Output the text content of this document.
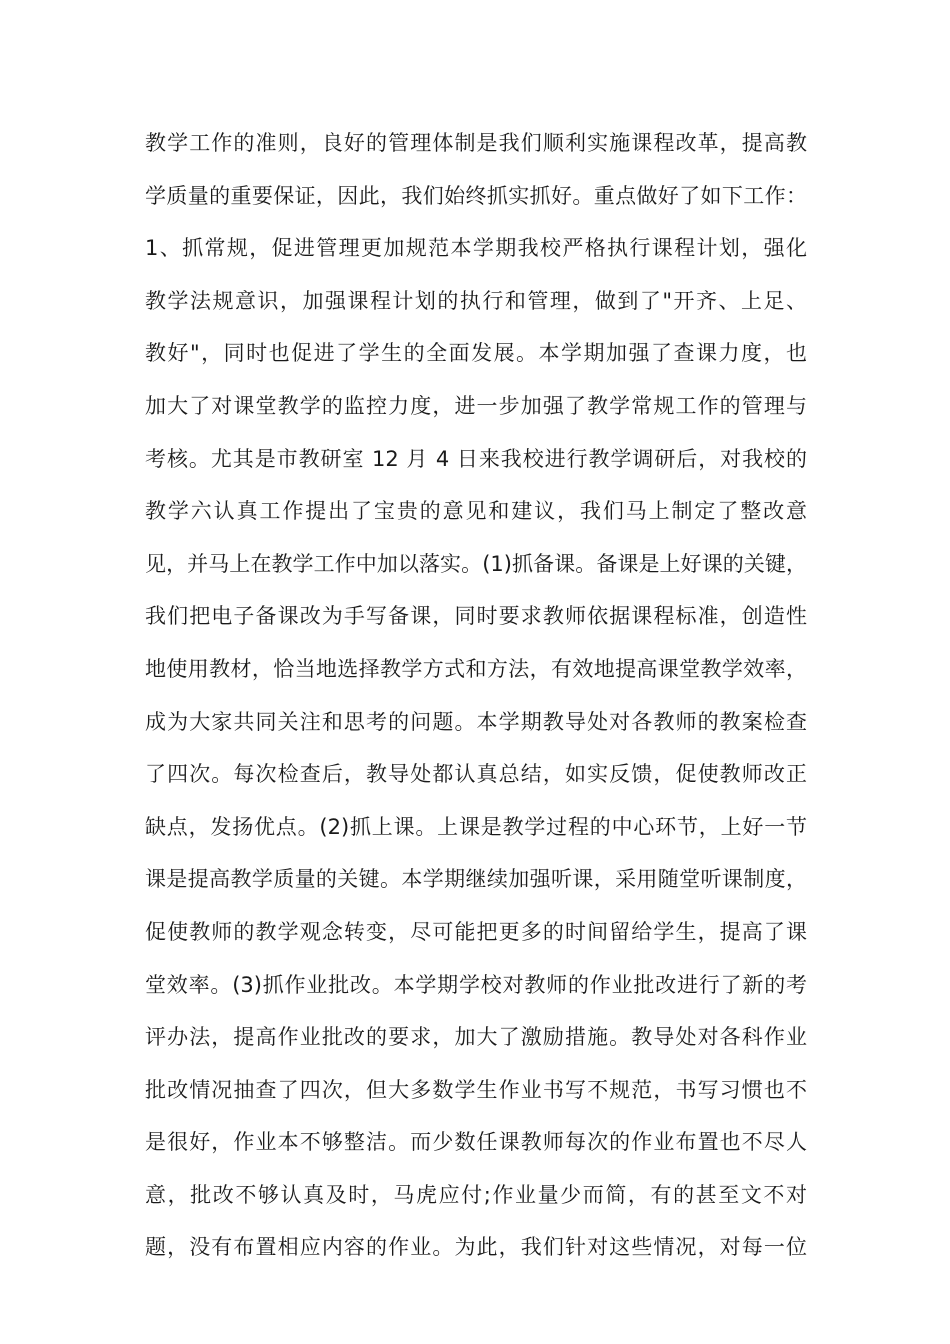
教学工作的准则，良好的管理体制是我们顺利实施课程改革，提高教
学质量的重要保证，因此，我们始终抓实抓好。重点做好了如下工作：
1、抓常规，促进管理更加规范本学期我校严格执行课程计划，强化
教学法规意识，加强课程计划的执行和管理，做到了"开齐、上足、
教好"，同时也促进了学生的全面发展。本学期加强了查课力度，也
加大了对课堂教学的监控力度，进一步加强了教学常规工作的管理与
考核。尤其是市教研室 12 月 4 日来我校进行教学调研后，对我校的
教学六认真工作提出了宝贵的意见和建议，我们马上制定了整改意
见，并马上在教学工作中加以落实。(1)抓备课。备课是上好课的关键，
我们把电子备课改为手写备课，同时要求教师依据课程标准，创造性
地使用教材，恰当地选择教学方式和方法，有效地提高课堂教学效率，
成为大家共同关注和思考的问题。本学期教导处对各教师的教案检查
了四次。每次检查后，教导处都认真总结，如实反馈，促使教师改正
缺点，发扬优点。(2)抓上课。上课是教学过程的中心环节，上好一节
课是提高教学质量的关键。本学期继续加强听课，采用随堂听课制度，
促使教师的教学观念转变，尽可能把更多的时间留给学生，提高了课
堂效率。(3)抓作业批改。本学期学校对教师的作业批改进行了新的考
评办法，提高作业批改的要求，加大了激励措施。教导处对各科作业
批改情况抽查了四次，但大多数学生作业书写不规范，书写习惯也不
是很好，作业本不够整洁。而少数任课教师每次的作业布置也不尽人
意，批改不够认真及时，马虎应付;作业量少而简，有的甚至文不对
题，没有布置相应内容的作业。为此，我们针对这些情况，对每一位
